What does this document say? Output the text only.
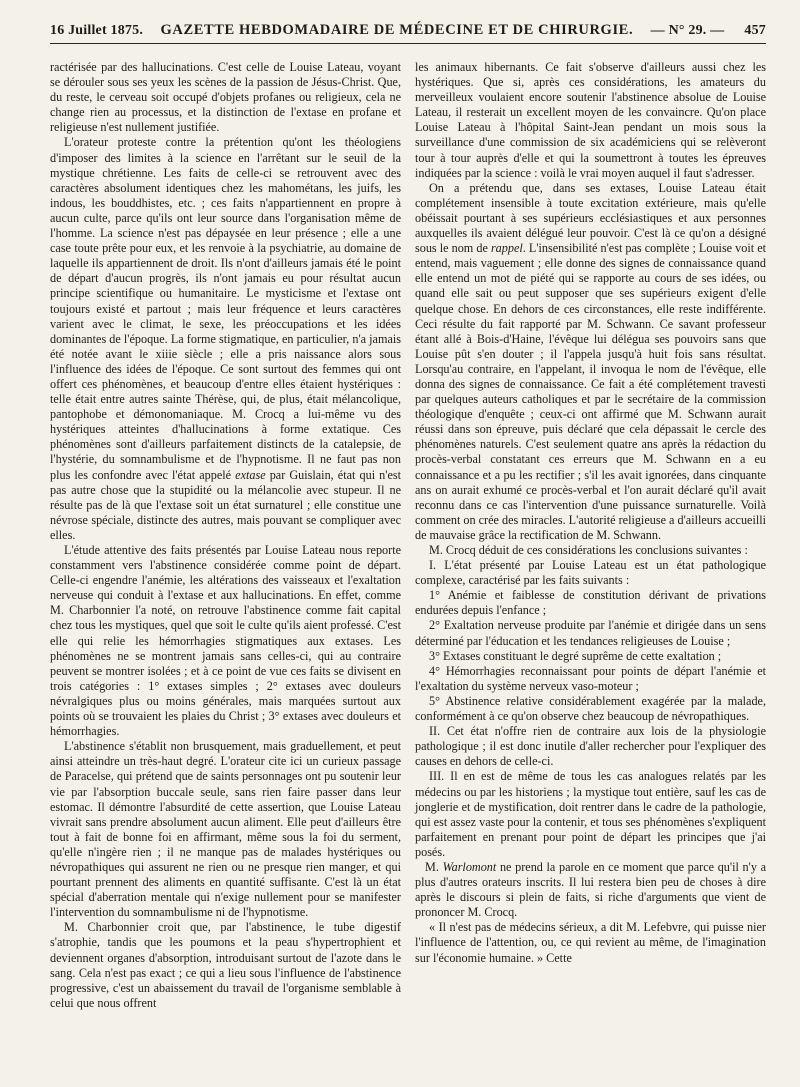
16 Juillet 1875. GAZETTE HEBDOMADAIRE DE MÉDECINE ET DE CHIRURGIE. — N° 29. — 457

ractérisée par des hallucinations. C'est celle de Louise Lateau, voyant se dérouler sous ses yeux les scènes de la passion de Jésus-Christ. Que, du reste, le cerveau soit occupé d'objets profanes ou religieux, cela ne change rien au processus, et la distinction de l'extase en profane et religieuse n'est nullement justifiée.

L'orateur proteste contre la prétention qu'ont les théologiens d'imposer des limites à la science en l'arrêtant sur le seuil de la mystique chrétienne. Les faits de celle-ci se retrouvent avec des caractères absolument identiques chez les mahométans, les juifs, les indous, les bouddhistes, etc. ; ces faits n'appartiennent en propre à aucun culte, parce qu'ils ont leur source dans l'organisation même de l'homme. La science n'est pas dépaysée en leur présence ; elle a une case toute prête pour eux, et les renvoie à la psychiatrie, au domaine de laquelle ils appartiennent de droit. Ils n'ont d'ailleurs jamais été le point de départ d'aucun progrès, ils n'ont jamais eu pour résultat aucun principe scientifique ou humanitaire. Le mysticisme et l'extase ont toujours existé et partout ; mais leur fréquence et leurs caractères varient avec le climat, le sexe, les préoccupations et les idées dominantes de l'époque. La forme stigmatique, en particulier, n'a jamais été notée avant le xiiie siècle ; elle a pris naissance alors sous l'influence des idées de l'époque. Ce sont surtout des femmes qui ont offert ces phénomènes, et beaucoup d'entre elles étaient hystériques : telle était entre autres sainte Thérèse, qui, de plus, était mélancolique, pantophobe et démonomaniaque. M. Crocq a lui-même vu des hystériques atteintes d'hallucinations à forme extatique. Ces phénomènes sont d'ailleurs parfaitement distincts de la catalepsie, de l'hystérie, du somnambulisme et de l'hypnotisme. Il ne faut pas non plus les confondre avec l'état appelé extase par Guislain, état qui n'est pas autre chose que la stupidité ou la mélancolie avec stupeur. Il ne résulte pas de là que l'extase soit un état surnaturel ; elle constitue une névrose spéciale, distincte des autres, mais pouvant se compliquer avec elles.

L'étude attentive des faits présentés par Louise Lateau nous reporte constamment vers l'abstinence considérée comme point de départ. Celle-ci engendre l'anémie, les altérations des vaisseaux et l'exaltation nerveuse qui conduit à l'extase et aux hallucinations. En effet, comme M. Charbonnier l'a noté, on retrouve l'abstinence comme fait capital chez tous les mystiques, quel que soit le culte qu'ils aient professé. C'est elle qui relie les hémorrhagies stigmatiques aux extases. Les phénomènes ne se montrent jamais sans celles-ci, qui au contraire peuvent se montrer isolées ; et à ce point de vue ces faits se divisent en trois catégories : 1° extases simples ; 2° extases avec douleurs névralgiques plus ou moins générales, mais marquées surtout aux points où se trouvaient les plaies du Christ ; 3° extases avec douleurs et hémorrhagies.

L'abstinence s'établit non brusquement, mais graduellement, et peut ainsi atteindre un très-haut degré. L'orateur cite ici un curieux passage de Paracelse, qui prétend que de saints personnages ont pu soutenir leur vie par l'absorption buccale seule, sans rien faire passer dans leur estomac. Il démontre l'absurdité de cette assertion, que Louise Lateau vivrait sans prendre absolument aucun aliment. Elle peut d'ailleurs être tout à fait de bonne foi en affirmant, même sous la foi du serment, qu'elle n'ingère rien ; il ne manque pas de malades hystériques ou névropathiques qui assurent ne rien ou ne presque rien manger, et qui pourtant prennent des aliments en quantité suffisante. C'est là un état spécial d'aberration mentale qui n'exige nullement pour se manifester l'intervention du somnambulisme ni de l'hypnotisme.

M. Charbonnier croit que, par l'abstinence, le tube digestif s'atrophie, tandis que les poumons et la peau s'hypertrophient et deviennent organes d'absorption, introduisant surtout de l'azote dans le sang. Cela n'est pas exact ; ce qui a lieu sous l'influence de l'abstinence progressive, c'est un abaissement du travail de l'organisme semblable à celui que nous offrent

les animaux hibernants. Ce fait s'observe d'ailleurs aussi chez les hystériques. Que si, après ces considérations, les amateurs du merveilleux voulaient encore soutenir l'abstinence absolue de Louise Lateau, il resterait un excellent moyen de les convaincre. Qu'on place Louise Lateau à l'hôpital Saint-Jean pendant un mois sous la surveillance d'une commission de six académiciens qui se relèveront tour à tour auprès d'elle et qui la soumettront à toutes les épreuves indiquées par la science : voilà le vrai moyen auquel il faut s'adresser.

On a prétendu que, dans ses extases, Louise Lateau était complétement insensible à toute excitation extérieure, mais qu'elle obéissait pourtant à ses supérieurs ecclésiastiques et aux personnes auxquelles ils avaient délégué leur pouvoir. C'est là ce qu'on a désigné sous le nom de rappel. L'insensibilité n'est pas complète ; Louise voit et entend, mais vaguement ; elle donne des signes de connaissance quand elle entend un mot de piété qui se rapporte au cours de ses idées, ou quand elle sait ou peut supposer que ses supérieurs exigent d'elle quelque chose. En dehors de ces circonstances, elle reste indifférente. Ceci résulte du fait rapporté par M. Schwann. Ce savant professeur étant allé à Bois-d'Haine, l'évêque lui délégua ses pouvoirs sans que Louise pût s'en douter ; il l'appela jusqu'à huit fois sans résultat. Lorsqu'au contraire, en l'appelant, il invoqua le nom de l'évêque, elle donna des signes de connaissance. Ce fait a été complétement travesti par quelques auteurs catholiques et par le secrétaire de la commission théologique d'enquête ; ceux-ci ont affirmé que M. Schwann aurait réussi dans son épreuve, puis déclaré que cela dépassait le cercle des phénomènes naturels. C'est seulement quatre ans après la rédaction du procès-verbal constatant ces erreurs que M. Schwann en a eu connaissance et a pu les rectifier ; s'il les avait ignorées, dans cinquante ans on aurait exhumé ce procès-verbal et l'on aurait déclaré qu'il avait reconnu dans ce cas l'intervention d'une puissance surnaturelle. Voilà comment on crée des miracles. L'autorité religieuse a d'ailleurs accueilli de mauvaise grâce la rectification de M. Schwann.

M. Crocq déduit de ces considérations les conclusions suivantes :

I. L'état présenté par Louise Lateau est un état pathologique complexe, caractérisé par les faits suivants :

1° Anémie et faiblesse de constitution dérivant de privations endurées depuis l'enfance ;

2° Exaltation nerveuse produite par l'anémie et dirigée dans un sens déterminé par l'éducation et les tendances religieuses de Louise ;

3° Extases constituant le degré suprême de cette exaltation ;

4° Hémorrhagies reconnaissant pour points de départ l'anémie et l'exaltation du système nerveux vaso-moteur ;

5° Abstinence relative considérablement exagérée par la malade, conformément à ce qu'on observe chez beaucoup de névropathiques.

II. Cet état n'offre rien de contraire aux lois de la physiologie pathologique ; il est donc inutile d'aller rechercher pour l'expliquer des causes en dehors de celle-ci.

III. Il en est de même de tous les cas analogues relatés par les médecins ou par les historiens ; la mystique tout entière, sauf les cas de jonglerie et de mystification, doit rentrer dans le cadre de la pathologie, qui est assez vaste pour la contenir, et tous ses phénomènes s'expliquent parfaitement en prenant pour point de départ les principes que j'ai posés.

M. Warlomont ne prend la parole en ce moment que parce qu'il n'y a plus d'autres orateurs inscrits. Il lui restera bien peu de choses à dire après le discours si plein de faits, si riche d'arguments que vient de prononcer M. Crocq.

« Il n'est pas de médecins sérieux, a dit M. Lefebvre, qui puisse nier l'influence de l'attention, ou, ce qui revient au même, de l'imagination sur l'économie humaine. » Cette
